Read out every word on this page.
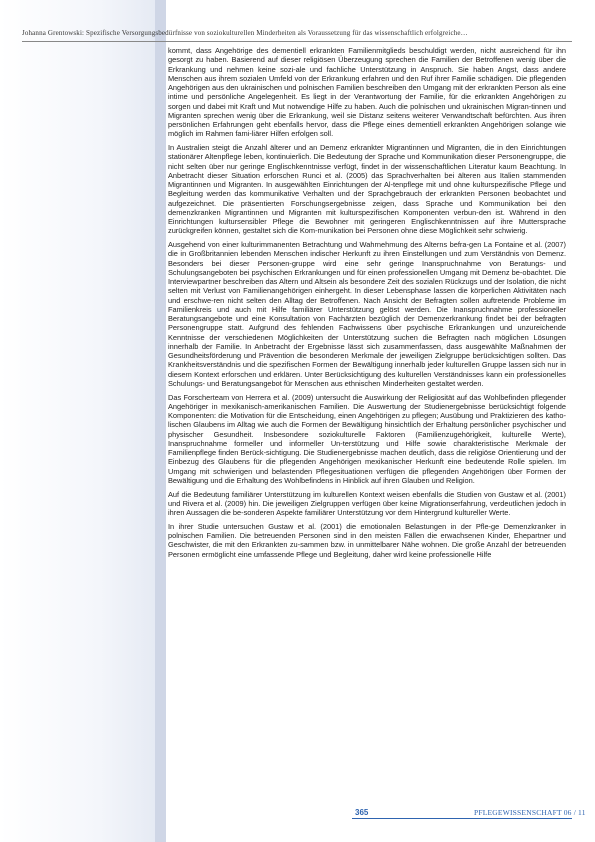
Johanna Grentowski: Spezifische Versorgungsbedürfnisse von soziokulturellen Minderheiten als Voraussetzung für das wissenschaftlich erfolgreiche…

kommt, dass Angehörige des dementiell erkrankten Familienmitglieds beschuldigt werden, nicht ausreichend für ihn gesorgt zu haben. Basierend auf dieser religiösen Überzeugung sprechen die Familien der Betroffenen wenig über die Erkrankung und nehmen keine sozi-ale und fachliche Unterstützung in Anspruch. Sie haben Angst, dass andere Menschen aus ihrem sozialen Umfeld von der Erkrankung erfahren und den Ruf ihrer Familie schädigen. Die pflegenden Angehörigen aus den ukrainischen und polnischen Familien beschreiben den Umgang mit der erkrankten Person als eine intime und persönliche Angelegenheit. Es liegt in der Verantwortung der Familie, für die erkrankten Angehörigen zu sorgen und dabei mit Kraft und Mut notwendige Hilfe zu haben. Auch die polnischen und ukrainischen Migran-tinnen und Migranten sprechen wenig über die Erkrankung, weil sie Distanz seitens weiterer Verwandtschaft befürchten. Aus ihren persönlichen Erfahrungen geht ebenfalls hervor, dass die Pflege eines dementiell erkrankten Angehörigen solange wie möglich im Rahmen fami-liärer Hilfen erfolgen soll.

In Australien steigt die Anzahl älterer und an Demenz erkrankter Migrantinnen und Migranten, die in den Einrichtungen stationärer Altenpflege leben, kontinuierlich. Die Bedeutung der Sprache und Kommunikation dieser Personengruppe, die nicht selten über nur geringe Englischkenntnisse verfügt, findet in der wissenschaftlichen Literatur kaum Beachtung. In Anbetracht dieser Situation erforschen Runci et al. (2005) das Sprachverhalten bei älteren aus Italien stammenden Migrantinnen und Migranten. In ausgewählten Einrichtungen der Al-tenpflege mit und ohne kulturspezifische Pflege und Begleitung werden das kommunikative Verhalten und der Sprachgebrauch der erkrankten Personen beobachtet und aufgezeichnet. Die präsentierten Forschungsergebnisse zeigen, dass Sprache und Kommunikation bei den demenzkranken Migrantinnen und Migranten mit kulturspezifischen Komponenten verbun-den ist. Während in den Einrichtungen kultursensibler Pflege die Bewohner mit geringeren Englischkenntnissen auf ihre Muttersprache zurückgreifen können, gestaltet sich die Kom-munikation bei Personen ohne diese Möglichkeit sehr schwierig.

Ausgehend von einer kulturimmanenten Betrachtung und Wahrnehmung des Alterns befra-gen La Fontaine et al. (2007) die in Großbritannien lebenden Menschen indischer Herkunft zu ihren Einstellungen und zum Verständnis von Demenz. Besonders bei dieser Personen-gruppe wird eine sehr geringe Inanspruchnahme von Beratungs- und Schulungsangeboten bei psychischen Erkrankungen und für einen professionellen Umgang mit Demenz be-obachtet. Die Interviewpartner beschreiben das Altern und Altsein als besondere Zeit des sozialen Rückzugs und der Isolation, die nicht selten mit Verlust von Familienangehörigen einhergeht. In dieser Lebensphase lassen die körperlichen Aktivitäten nach und erschwe-ren nicht selten den Alltag der Betroffenen. Nach Ansicht der Befragten sollen auftretende Probleme im Familienkreis und auch mit Hilfe familiärer Unterstützung gelöst werden. Die Inanspruchnahme professioneller Beratungsangebote und eine Konsultation von Fachärzten bezüglich der Demenzerkrankung findet bei der befragten Personengruppe statt. Aufgrund des fehlenden Fachwissens über psychische Erkrankungen und unzureichende Kenntnisse der verschiedenen Möglichkeiten der Unterstützung suchen die Befragten nach möglichen Lösungen innerhalb der Familie. In Anbetracht der Ergebnisse lässt sich zusammenfassen, dass ausgewählte Maßnahmen der Gesundheitsförderung und Prävention die besonderen Merkmale der jeweiligen Zielgruppe berücksichtigen sollten. Das Krankheitsverständnis und die spezifischen Formen der Bewältigung innerhalb jeder kulturellen Gruppe lassen sich nur in diesem Kontext erforschen und erklären. Unter Berücksichtigung des kulturellen Verständnisses kann ein professionelles Schulungs- und Beratungsangebot für Menschen aus ethnischen Minderheiten gestaltet werden.

Das Forscherteam von Herrera et al. (2009) untersucht die Auswirkung der Religiosität auf das Wohlbefinden pflegender Angehöriger in mexikanisch-amerikanischen Familien. Die Auswertung der Studienergebnisse berücksichtigt folgende Komponenten: die Motivation für die Entscheidung, einen Angehörigen zu pflegen; Ausübung und Praktizieren des katho-lischen Glaubens im Alltag wie auch die Formen der Bewältigung hinsichtlich der Erhaltung persönlicher psychischer und physischer Gesundheit. Insbesondere soziokulturelle Faktoren (Familienzugehörigkeit, kulturelle Werte), Inanspruchnahme formeller und informeller Un-terstützung und Hilfe sowie charakteristische Merkmale der Familienpflege finden Berück-sichtigung. Die Studienergebnisse machen deutlich, dass die religiöse Orientierung und der Einbezug des Glaubens für die pflegenden Angehörigen mexikanischer Herkunft eine bedeutende Rolle spielen. Im Umgang mit schwierigen und belastenden Pflegesituationen verfügen die pflegenden Angehörigen über Formen der Bewältigung und die Erhaltung des Wohlbefindens in Hinblick auf ihren Glauben und Religion.

Auf die Bedeutung familiärer Unterstützung im kulturellen Kontext weisen ebenfalls die Studien von Gustaw et al. (2001) und Rivera et al. (2009) hin. Die jeweiligen Zielgruppen verfügen über keine Migrationserfahrung, verdeutlichen jedoch in ihren Aussagen die be-sonderen Aspekte familiärer Unterstützung vor dem Hintergrund kultureller Werte.

In ihrer Studie untersuchen Gustaw et al. (2001) die emotionalen Belastungen in der Pfle-ge Demenzkranker in polnischen Familien. Die betreuenden Personen sind in den meisten Fällen die erwachsenen Kinder, Ehepartner und Geschwister, die mit den Erkrankten zu-sammen bzw. in unmittelbarer Nähe wohnen. Die große Anzahl der betreuenden Personen ermöglicht eine umfassende Pflege und Begleitung, daher wird keine professionelle Hilfe

365	PFLEGEWISSENSCHAFT 06 / 11
